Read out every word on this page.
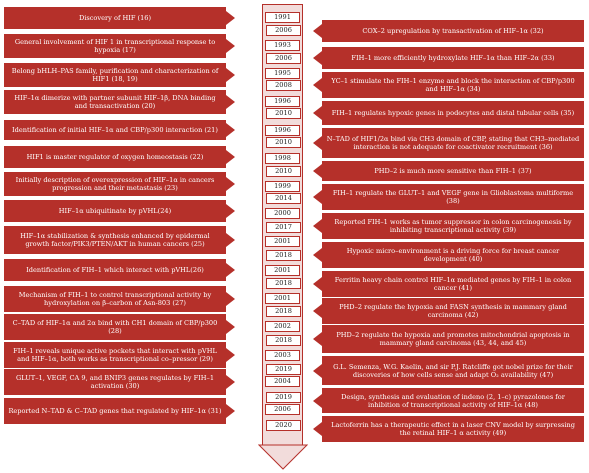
Discovery of HIF (16)
General involvement of HIF 1 in transcriptional response to hypoxia (17)
Belong bHLH–PAS family, purification and characterization of HIF1 (18, 19)
HIF–1α dimerize with partner subunit HIF–1β, DNA binding and transactivation (20)
Identification of initial HIF–1α and CBP/p300 interaction (21)
HIF1 is master regulator of oxygen homeostasis (22)
Initially description of overexpression of HIF–1α in cancers progression and their metastasis (23)
HIF–1α ubiquitinate by pVHL(24)
HIF–1α stabilization & synthesis enhanced by epidermal growth factor/PIK3/PTEN/AKT in human cancers (25)
Identification of FIH–1 which interact with pVHL(26)
Mechanism of FIH–1 to control transcriptional activity by hydroxylation on β–carbon of Asn-803 (27)
C–TAD of HIF–1α and 2α bind with CH1 domain of CBP/p300 (28)
FIH–1 reveals unique active pockets that interact with pVHL and HIF–1α, both works as transcriptional co–pressor (29)
GLUT–1, VEGF, CA 9, and BNIP3 genes regulates by FIH–1 activation (30)
Reported N–TAD & C–TAD genes that regulated by HIF–1α (31)
1991
1993
1995
1996
1996
1998
1999
2000
2001
2001
2001
2002
2003
2004
2006
COX–2 upregulation by transactivation of HIF–1α (32)
FIH–1 more efficiently hydroxylate HIF–1α than HIF–2α (33)
YC–1 stimulate the FIH–1 enzyme and block the interaction of CBP/p300 and HIF–1α (34)
FIH–1 regulates hypoxic genes in podocytes and distal tubular cells (35)
N–TAD of HIF1/2α bind via CH3 domain of CBP, stating that CH3–mediated interaction is not adequate for coactivator recruitment (36)
PHD–2 is much more sensitive than FIH–1 (37)
FIH–1 regulate the GLUT–1 and VEGF gene in Glioblastoma multiforme (38)
Reported FIH–1 works as tumor suppressor in colon carcinogenesis by inhibiting transcriptional activity (39)
Hypoxic micro–environment is a driving force for breast cancer development (40)
Ferritin heavy chain control HIF–1α mediated genes by FIH–1 in colon cancer (41)
PHD–2 regulate the hypoxia and FASN synthesis in mammary gland carcinoma (42)
PHD–2 regulate the hypoxia and promotes mitochondrial apoptosis in mammary gland carcinoma (43, 44, and 45)
G.L. Semenza, W.G. Kaelin, and sir P.J. Ratcliffe got nobel prize for their discoveries of how cells sense and adapt O₂ availability (47)
Design, synthesis and evaluation of indeno (2, 1–c) pyrazolones for inhibition of transcriptional activity of HIF–1α (48)
Lactoferrin has a therapeutic effect in a laser CNV model by surpressing the retinal HIF–1 α activity (49)
2006
2006
2008
2010
2010
2010
2014
2017
2018
2018
2018
2018
2019
2019
2020
